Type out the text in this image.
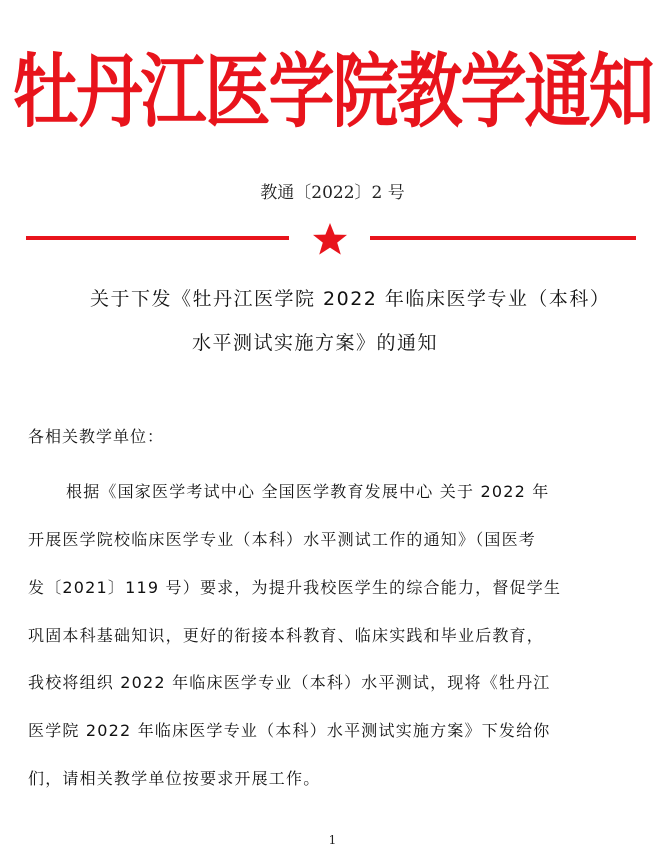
牡丹江医学院教学通知
教通〔2022〕2 号
关于下发《牡丹江医学院 2022 年临床医学专业（本科）
水平测试实施方案》的通知
各相关教学单位：
根据《国家医学考试中心 全国医学教育发展中心 关于 2022 年
开展医学院校临床医学专业（本科）水平测试工作的通知》（国医考
发〔2021〕119 号）要求，为提升我校医学生的综合能力，督促学生
巩固本科基础知识，更好的衔接本科教育、临床实践和毕业后教育，
我校将组织 2022 年临床医学专业（本科）水平测试，现将《牡丹江
医学院 2022 年临床医学专业（本科）水平测试实施方案》下发给你
们，请相关教学单位按要求开展工作。
1
